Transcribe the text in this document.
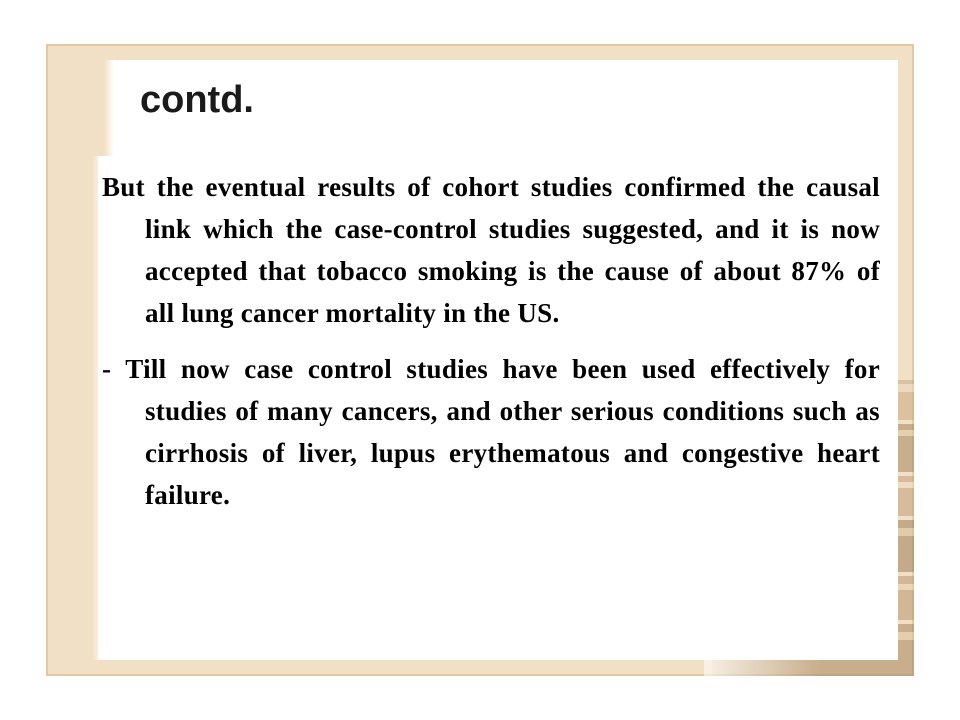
contd.

But the eventual results of cohort studies confirmed the causal link which the case-control studies suggested, and it is now accepted that tobacco smoking is the cause of about 87% of all lung cancer mortality in the US.

- Till now case control studies have been used effectively for studies of many cancers, and other serious conditions such as cirrhosis of liver, lupus erythematous and congestive heart failure.
